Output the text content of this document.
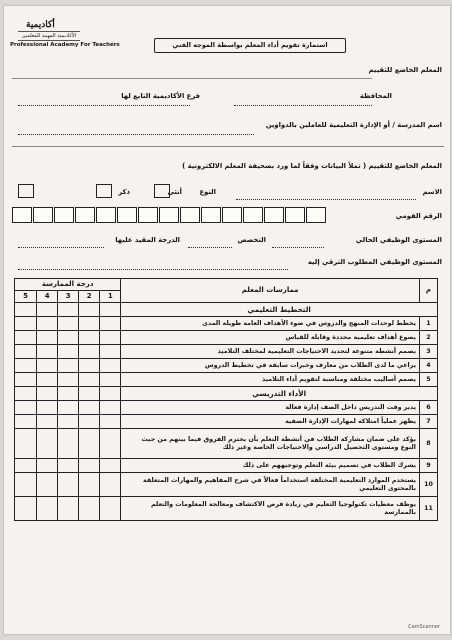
أكاديمية
الأكاديمية المهنية للمعلمين
Professional Academy For Teachers	استمارة تقويم أداء المعلم بواسطة الموجه الفني
المعلم الخاضع للتقييم
المحافظة
فرع الأكاديمية التابع لها
اسم المدرسة / أو الإدارة التعليمية للعاملين بالدواوين
المعلم الخاضع للتقييم ( تملأ البيانات وفقاً لما ورد بصحيفة المعلم الالكترونية )
الاسم
النوع
أنثى
ذكر
الرقم القومي
المستوى الوظيفي الحالي
التخصص
الدرجة المقيد عليها
المستوى الوظيفي المطلوب الترقي إليه
م	ممارسات المعلم	درجة الممارسة				
		1	2	3	4	5
التخطيط التعليمي						
1	يخطط لوحدات المنهج والدروس في ضوء الأهداف العامة طويلة المدى					
2	يصوغ أهداف تعليمية محددة وقابلة للقياس					
3	يصمم أنشطة متنوعة لتحديد الاحتياجات التعليمية لمختلف التلاميذ					
4	يراعي ما لدى الطلاب من معارف وخبرات سابقة في تخطيط الدروس					
5	يصمم أساليب مختلفة ومناسبة لتقويم أداء التلاميذ					
الأداء التدريسي						
6	يدير وقت التدريس داخل الصف إدارة فعالة					
7	يظهر عملياً امتلاكه لمهارات الإدارة الصفية					
8	يؤكد على ضمان مشاركة الطلاب في أنشطة التعلم بأن يحترم الفروق فيما بينهم من حيث النوع ومستوى التحصيل الدراسي والاحتياجات الخاصة وغير ذلك					
9	يشرك الطلاب في تصميم بيئة التعلم وتوجيههم على ذلك					
10	يستخدم الموارد التعليمية المختلفة استخداماً فعالاً في شرح المفاهيم والمهارات المتعلقة بالمحتوى التعليمي					
11	يوظف معطيات تكنولوجيا التعليم في زيادة فرص الاكتشاف ومعالجة المعلومات والتعلم بالممارسة					
CamScanner
